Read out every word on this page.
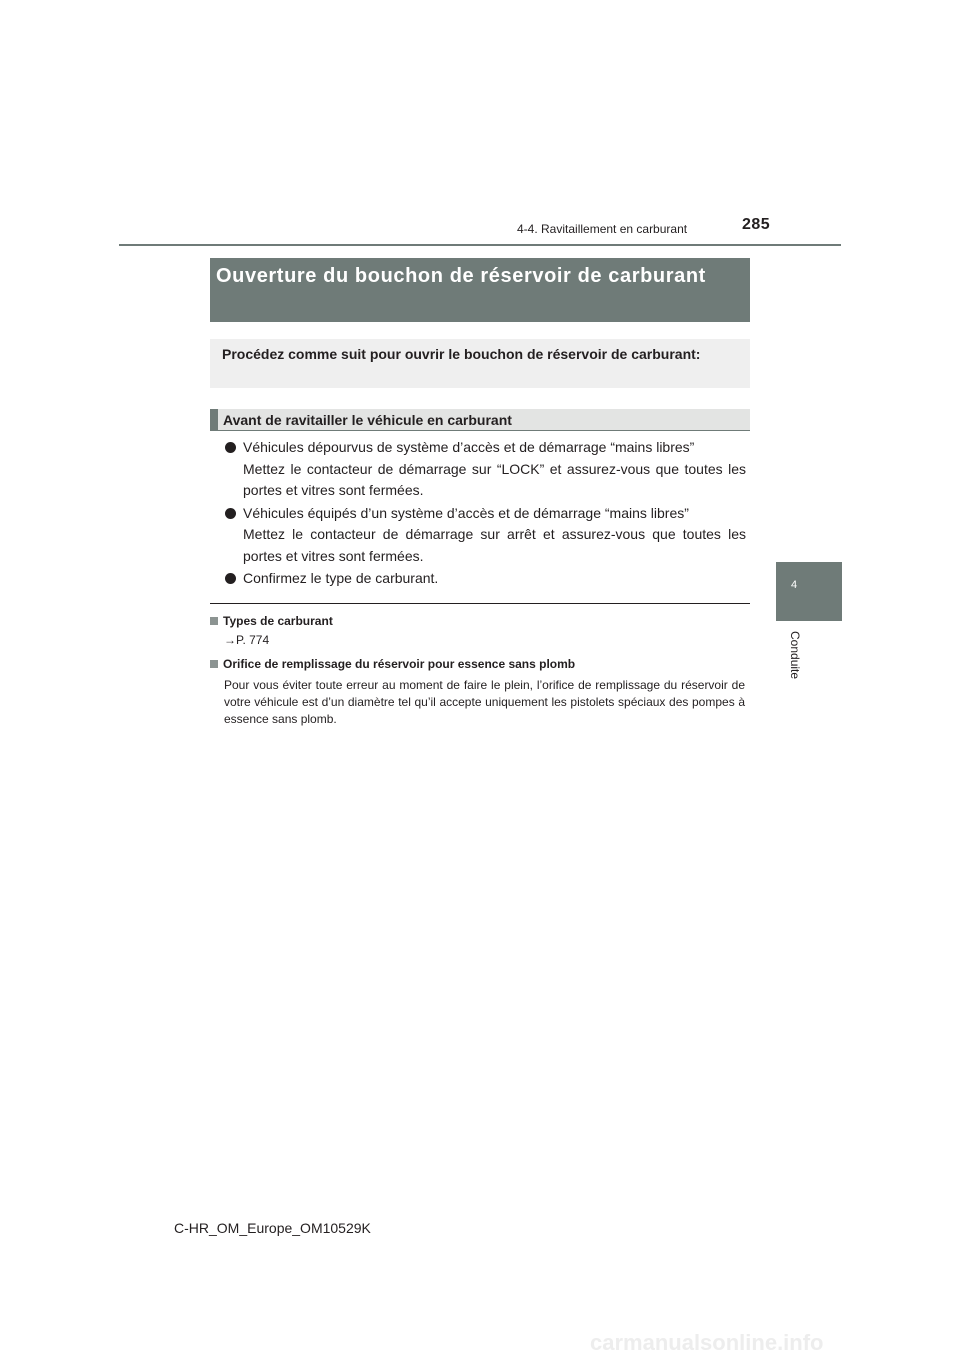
285
4-4. Ravitaillement en carburant
Ouverture du bouchon de réservoir de carburant
Procédez comme suit pour ouvrir le bouchon de réservoir de carburant:
Avant de ravitailler le véhicule en carburant
Véhicules dépourvus de système d’accès et de démarrage “mains libres”
Mettez le contacteur de démarrage sur “LOCK” et assurez-vous que toutes les portes et vitres sont fermées.
Véhicules équipés d’un système d’accès et de démarrage “mains libres”
Mettez le contacteur de démarrage sur arrêt et assurez-vous que toutes les portes et vitres sont fermées.
Confirmez le type de carburant.
Types de carburant
→P. 774
Orifice de remplissage du réservoir pour essence sans plomb
Pour vous éviter toute erreur au moment de faire le plein, l’orifice de remplissage du réservoir de votre véhicule est d’un diamètre tel qu’il accepte uniquement les pistolets spéciaux des pompes à essence sans plomb.
4
Conduite
C-HR_OM_Europe_OM10529K
carmanualsonline.info
